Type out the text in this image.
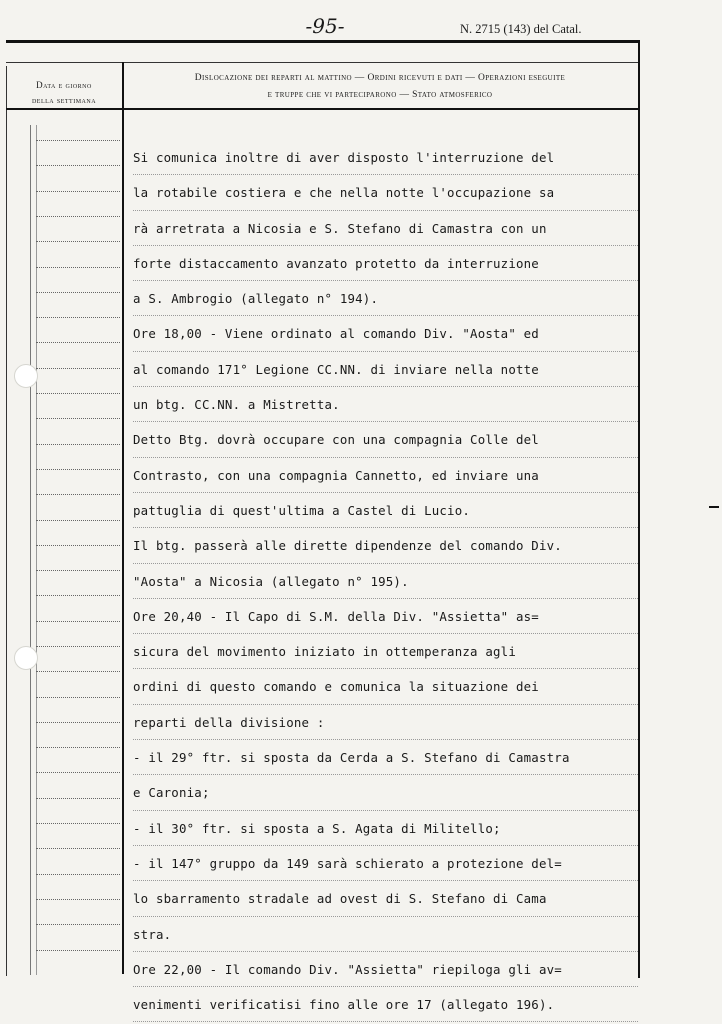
-95-	N. 2715 (143) del Catal.
Data e giorno
della settimana
Dislocazione dei reparti al mattino — Ordini ricevuti e dati — Operazioni eseguite
e truppe che vi parteciparono — Stato atmosferico
Si comunica inoltre di aver disposto l'interruzione del
la rotabile costiera e che nella notte l'occupazione sa
rà arretrata a Nicosia e S. Stefano di Camastra con un
forte distaccamento avanzato protetto da interruzione
a S. Ambrogio (allegato n° 194).
Ore 18,00 - Viene ordinato al comando Div. "Aosta" ed
al comando 171° Legione CC.NN. di inviare nella notte
un btg. CC.NN. a Mistretta.
Detto Btg. dovrà occupare con una compagnia Colle del
Contrasto, con una compagnia Cannetto, ed inviare una
pattuglia di quest'ultima a Castel di Lucio.
Il btg. passerà alle dirette dipendenze del comando Div.
"Aosta" a Nicosia (allegato n° 195).
Ore 20,40 - Il Capo di S.M. della Div. "Assietta" as=
sicura del movimento iniziato in ottemperanza agli
ordini di questo comando e comunica la situazione dei
reparti della divisione :
- il 29° ftr. si sposta da Cerda a S. Stefano di Camastra
e Caronia;
- il 30° ftr. si sposta a S. Agata di Militello;
- il 147° gruppo da 149 sarà schierato a protezione del=
lo sbarramento stradale ad ovest di S. Stefano di Cama
stra.
Ore 22,00 - Il comando Div. "Assietta" riepiloga gli av=
venimenti verificatisi fino alle ore 17 (allegato 196).
